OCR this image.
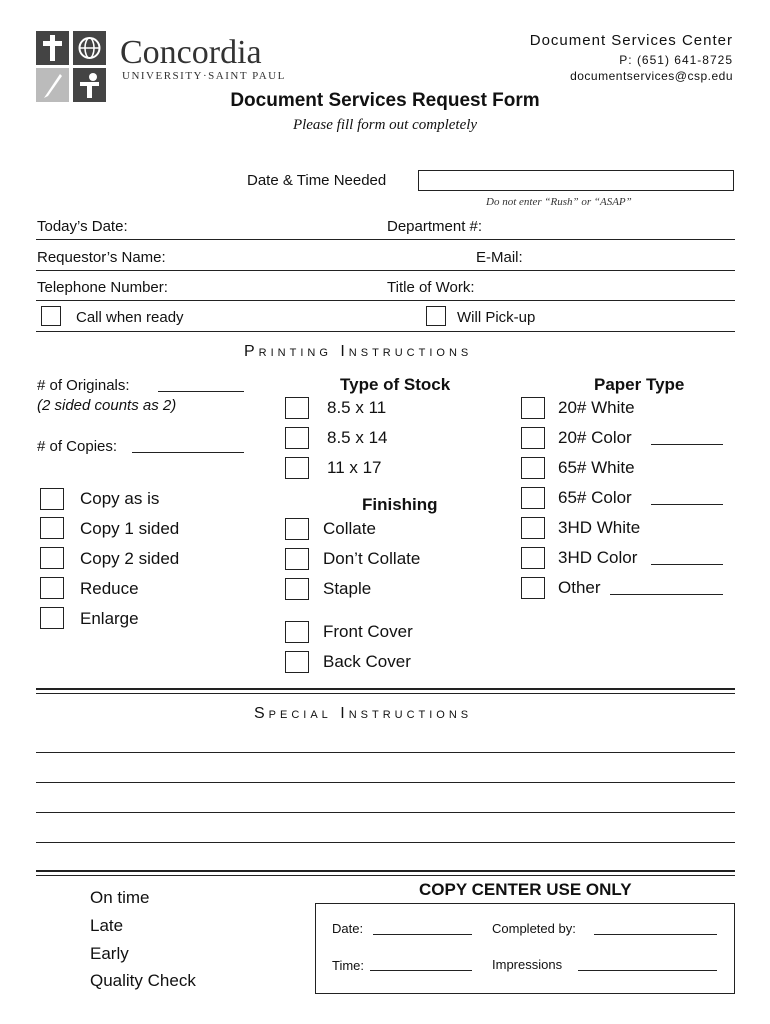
Concordia
UNIVERSITY·SAINT PAUL
Document Services Center
P: (651) 641-8725
documentservices@csp.edu
Document Services Request Form
Please fill form out completely
Date & Time Needed
Do not enter “Rush” or “ASAP”
Today’s Date:	Department #:
Requestor’s Name:	E-Mail:
Telephone Number:	Title of Work:
Call when ready	Will Pick-up
Printing Instructions
# of Originals:
(2 sided counts as 2)
# of Copies:
Copy as is
Copy 1 sided
Copy 2 sided
Reduce
Enlarge
Type of Stock
8.5 x 11
8.5 x 14
11 x 17
Finishing
Collate
Don’t Collate
Staple
Front Cover
Back Cover
Paper Type
20# White
20# Color
65# White
65# Color
3HD White
3HD Color
Other
Special Instructions
On time
Late
Early
Quality Check
COPY CENTER USE ONLY
Date:	Completed by:
Time:	Impressions
